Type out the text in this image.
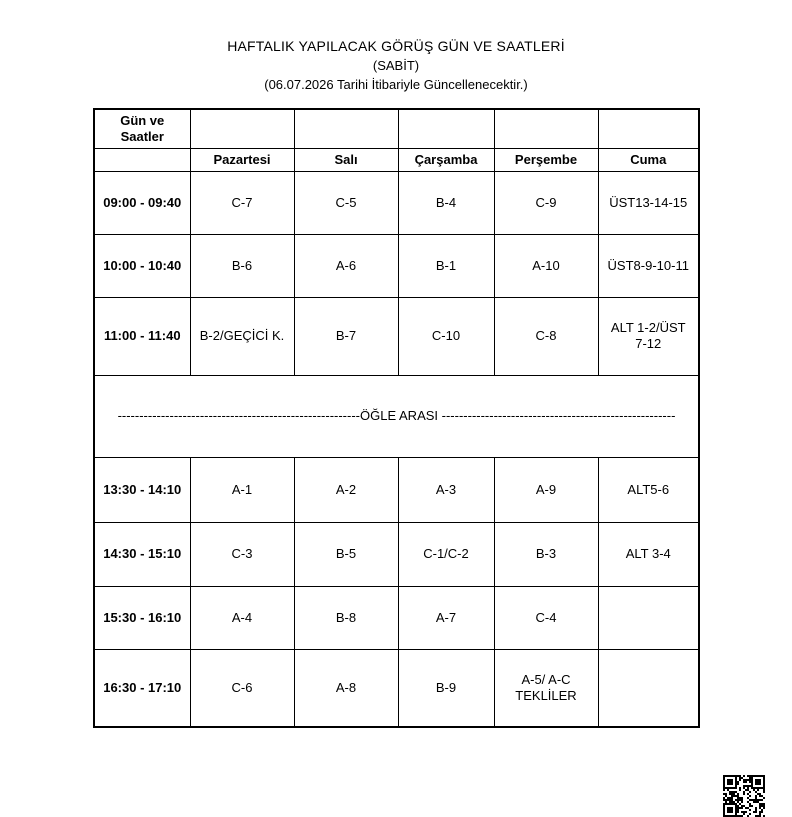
HAFTALIK YAPILACAK GÖRÜŞ GÜN VE SAATLERİ
(SABİT)
(06.07.2026 Tarihi İtibariyle Güncellenecektir.)
Gün ve Saatler					
	Pazartesi	Salı	Çarşamba	Perşembe	Cuma
09:00 - 09:40	C-7	C-5	B-4	C-9	ÜST13-14-15
10:00 - 10:40	B-6	A-6	B-1	A-10	ÜST8-9-10-11
11:00 - 11:40	B-2/GEÇİCİ K.	B-7	C-10	C-8	ALT 1-2/ÜST 7-12
--------------------------------------------------------ÖĞLE ARASI ------------------------------------------------------					
13:30 - 14:10	A-1	A-2	A-3	A-9	ALT5-6
14:30 - 15:10	C-3	B-5	C-1/C-2	B-3	ALT 3-4
15:30 - 16:10	A-4	B-8	A-7	C-4	
16:30 - 17:10	C-6	A-8	B-9	A-5/ A-C TEKLİLER	
